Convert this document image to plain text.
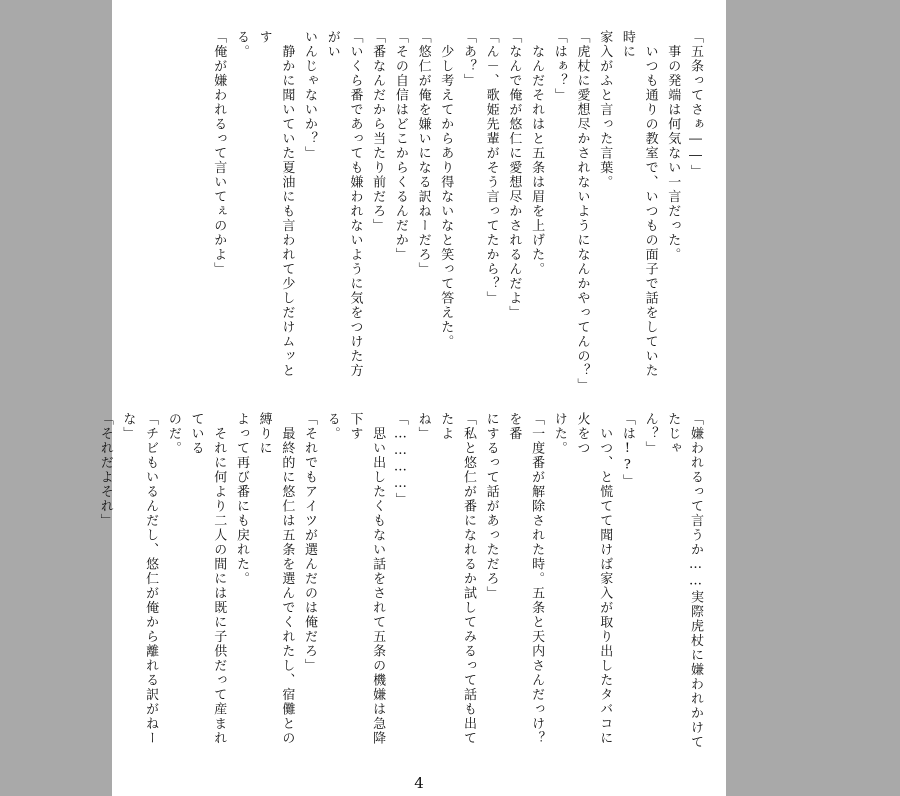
「五条ってさぁ――」

　事の発端は何気ない一言だった。

　いつも通りの教室で、いつもの面子で話をしていた時に

家入がふと言った言葉。

「虎杖に愛想尽かされないようになんかやってんの？」

「はぁ？」

　なんだそれはと五条は眉を上げた。

「なんで俺が悠仁に愛想尽かされるんだよ」

「ん－、歌姫先輩がそう言ってたから？」

「あ？」

　少し考えてからあり得ないなと笑って答えた。

「悠仁が俺を嫌いになる訳ねーだろ」

「その自信はどこからくるんだか」

「番なんだから当たり前だろ」

「いくら番であっても嫌われないように気をつけた方がい

いんじゃないか？」

　静かに聞いていた夏油にも言われて少しだけムッとす

る。

「俺が嫌われるって言いてぇのかよ」

「嫌われるって言うか……実際虎杖に嫌われかけてたじゃ

ん？」

「は!?」

　いつ、と慌てて聞けば家入が取り出したタバコに火をつ

けた。

「一度番が解除された時。五条と天内さんだっけ？　を番

にするって話があっただろ」

「私と悠仁が番になれるか試してみるって話も出てたよ

ね」

「…………」

　思い出したくもない話をされて五条の機嫌は急降下す

る。

「それでもアイツが選んだのは俺だろ」

　最終的に悠仁は五条を選んでくれたし、宿儺との縛りに

よって再び番にも戻れた。

　それに何より二人の間には既に子供だって産まれている

のだ。

「チビもいるんだし、悠仁が俺から離れる訳がねーな」

「それだよそれ」

4
